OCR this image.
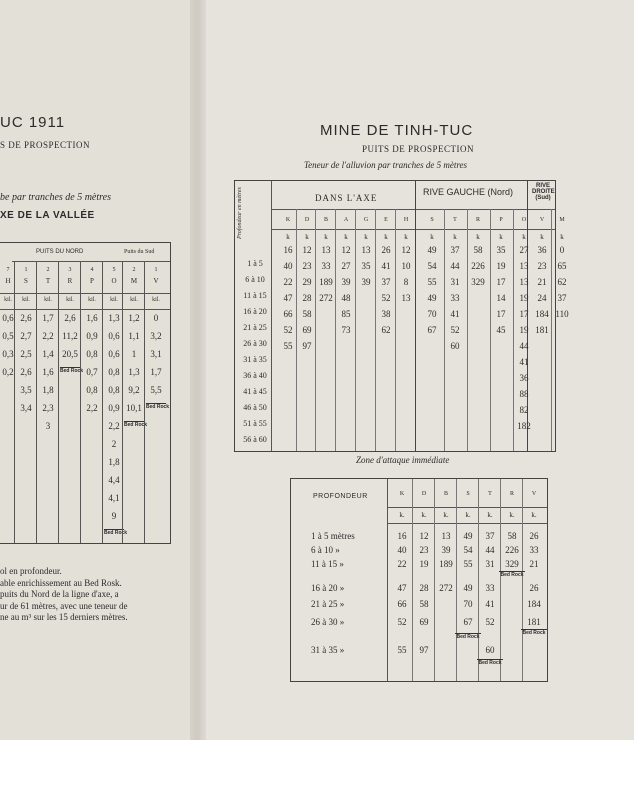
UC 1911
S DE PROSPECTION
be par tranches de 5 mètres
XE DE LA VALLÉE
PUITS DU NORD	Puits du Sud
7
H
kil.
0,6
0,5
0,3
0,2
1
S
kil.
2,6
2,7
2,5
2,6
3,5
3,4
2
T
kil.
1,7
2,2
1,4
1,6
1,8
2,3
3
3
R
kil.
2,6
11,2
20,5
Bed Rock
4
P
kil.
1,6
0,9
0,8
0,7
0,8
2,2
5
O
kil.
1,3
0,6
0,6
0,8
0,8
0,9
2,2
2
1,8
4,4
4,1
9
Bed Rock
2
M
kil.
1,2
1,1
1
1,3
9,2
10,1
Bed Rock
1
V
kil.
0
3,2
3,1
1,7
5,5
Bed Rock
ol en profondeur.
able enrichissement au Bed Rosk.
puits du Nord de la ligne d'axe, a
ur de 61 mètres, avec une teneur de
ne au m³ sur les 15 derniers mètres.
MINE DE TINH-TUC
PUITS DE PROSPECTION
Teneur de l'alluvion par tranches de 5 mètres
Profondeur en mètres	DANS L'AXE
RIVE GAUCHE (Nord)
RIVE DROITE (Sud)
1 à 5
6 à 10
11 à 15
16 à 20
21 à 25
26 à 30
31 à 35
36 à 40
41 à 45
46 à 50
51 à 55
56 à 60
K
k
16
40
22
47
66
52
55
D
k
12
23
29
28
58
69
97
B
k
13
33
189
272
A
k
12
27
39
48
85
73
G
k
13
35
39
E
k
26
41
37
52
38
62
H
k
12
10
8
13
S
k
49
54
55
49
70
67
T
k
37
44
31
33
41
52
60
R
k
58
226
329
P
k
35
19
17
14
17
45
O
k
27
13
13
19
17
19
44
41
36
88
82
182
V
k
36
23
21
24
184
181
M
k
0
65
62
37
110
Zone d'attaque immédiate
PROFONDEUR
1 à 5 mètres
6 à 10 »
11 à 15 »
16 à 20 »
21 à 25 »
26 à 30 »
31 à 35 »
K
k.
16
40
22
47
66
52
55
D
k.
12
23
19
28
58
69
97
B
k.
13
39
189
272
S
k.
49
54
55
49
70
67
T
k.
37
44
31
33
41
52
60
R
k.
58
226
329
V
k.
26
33
21
26
184
181
Bed Rock
Bed Rock
Bed Rock
Bed Rock
